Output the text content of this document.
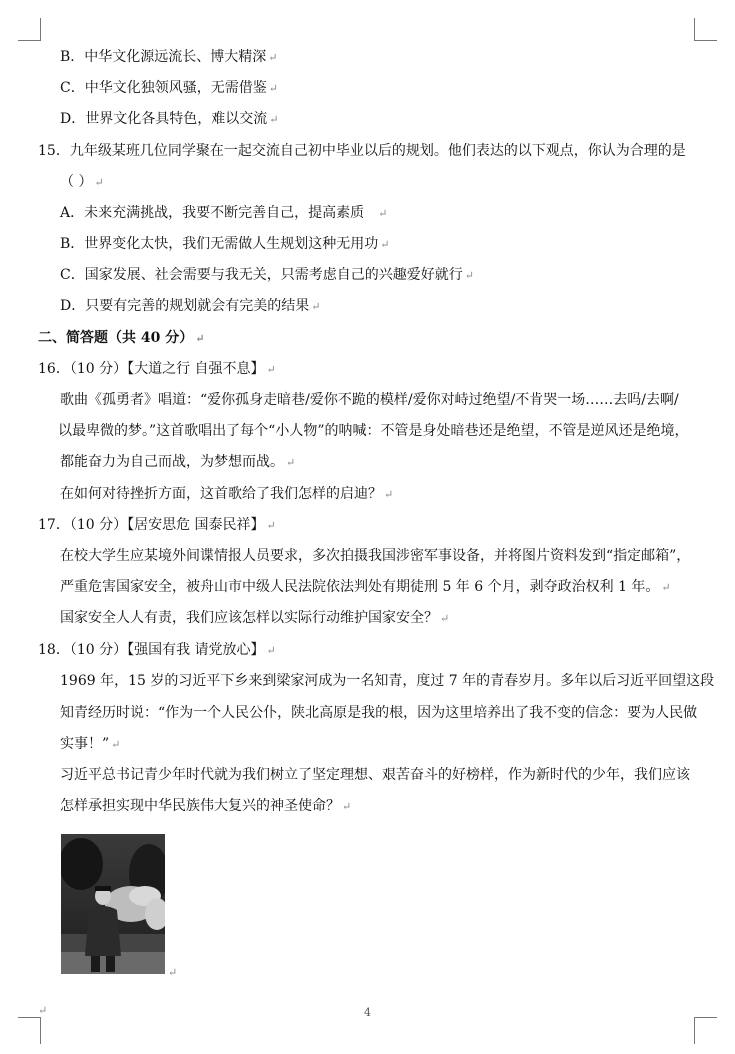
B．中华文化源远流长、博大精深 ↵
C．中华文化独领风骚，无需借鉴 ↵
D．世界文化各具特色，难以交流 ↵
15．九年级某班几位同学聚在一起交流自己初中毕业以后的规划。他们表达的以下观点，你认为合理的是
（ ） ↵
A．未来充满挑战，我要不断完善自己，提高素质 ↵
B．世界变化太快，我们无需做人生规划这种无用功 ↵
C．国家发展、社会需要与我无关，只需考虑自己的兴趣爱好就行 ↵
D．只要有完善的规划就会有完美的结果 ↵
二、简答题（共 40 分） ↵
16．（10 分）【大道之行 自强不息】 ↵
歌曲《孤勇者》唱道：“爱你孤身走暗巷/爱你不跪的模样/爱你对峙过绝望/不肯哭一场……去吗/去啊/
以最卑微的梦。”这首歌唱出了每个“小人物”的呐喊：不管是身处暗巷还是绝望，不管是逆风还是绝境，
都能奋力为自己而战，为梦想而战。 ↵
在如何对待挫折方面，这首歌给了我们怎样的启迪？ ↵
17．（10 分）【居安思危 国泰民祥】 ↵
在校大学生应某境外间谍情报人员要求，多次拍摄我国涉密军事设备，并将图片资料发到“指定邮箱”，
严重危害国家安全，被舟山市中级人民法院依法判处有期徒刑 5 年 6 个月，剥夺政治权利 1 年。 ↵
国家安全人人有责，我们应该怎样以实际行动维护国家安全？ ↵
18．（10 分）【强国有我 请党放心】 ↵
1969 年，15 岁的习近平下乡来到梁家河成为一名知青，度过 7 年的青春岁月。多年以后习近平回望这段
知青经历时说：“作为一个人民公仆，陕北高原是我的根，因为这里培养出了我不变的信念：要为人民做
实事！” ↵
习近平总书记青少年时代就为我们树立了坚定理想、艰苦奋斗的好榜样，作为新时代的少年，我们应该
怎样承担实现中华民族伟大复兴的神圣使命？ ↵
↵
↵	4
